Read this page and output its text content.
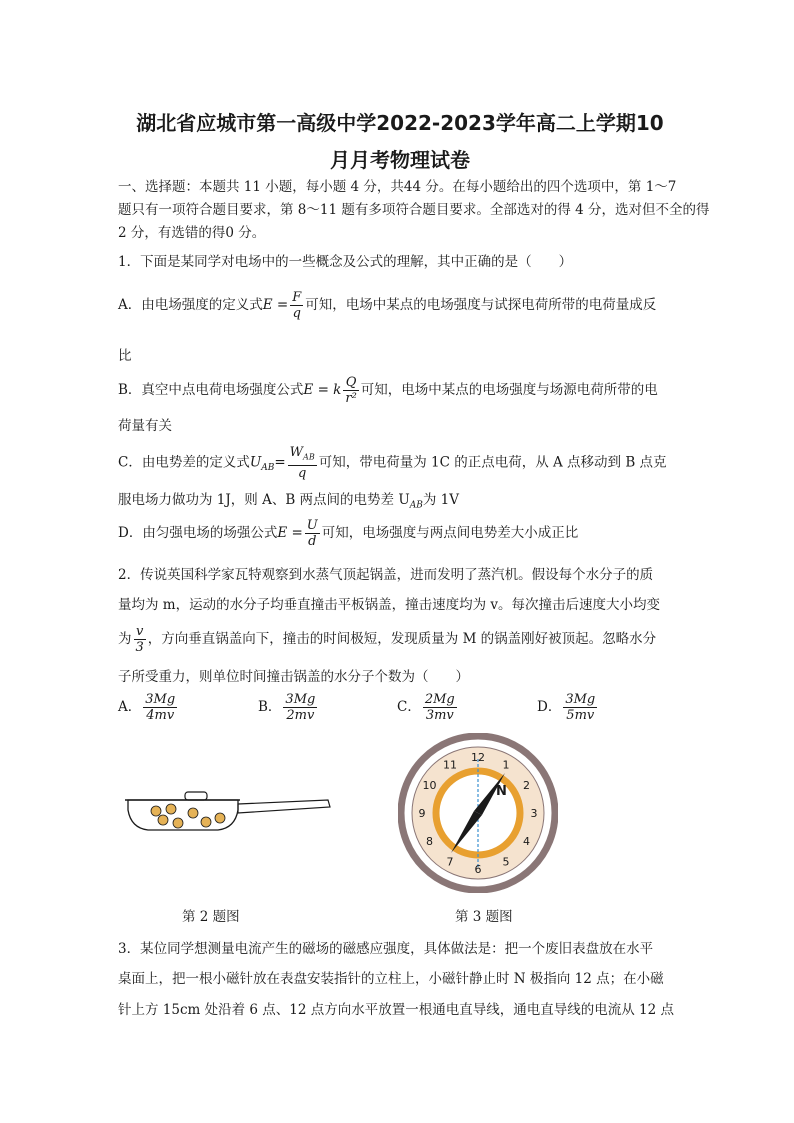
湖北省应城市第一高级中学2022-2023学年高二上学期10
月月考物理试卷
一、选择题：本题共 11 小题，每小题 4 分，共44 分。在每小题给出的四个选项中，第 1～7
题只有一项符合题目要求，第 8～11 题有多项符合题目要求。全部选对的得 4 分，选对但不全的得
2 分，有选错的得0 分。
1．下面是某同学对电场中的一些概念及公式的理解，其中正确的是（　　）
A．由电场强度的定义式$E = \frac{F}{q}$ 可知，电场中某点的电场强度与试探电荷所带的电荷量成反
比
B．真空中点电荷电场强度公式E = k $\frac{Q}{\text{r²}}$ 可知，电场中某点的电场强度与场源电荷所带的电
荷量有关
C．由电势差的定义式$U_{AB}= \frac{W_{AB}}{q}$ 可知，带电荷量为 1C 的正点电荷，从 A 点移动到 B 点克
服电场力做功为 1J，则 A、B 两点间的电势差 $U_{AB}$为 1V
D．由匀强电场的场强公式$E = \frac{U}{d}$ 可知，电场强度与两点间电势差大小成正比
2．传说英国科学家瓦特观察到水蒸气顶起锅盖，进而发明了蒸汽机。假设每个水分子的质
量均为 m，运动的水分子均垂直撞击平板锅盖，撞击速度均为 v。每次撞击后速度大小均变
为 $\frac{v}{3}$ ，方向垂直锅盖向下，撞击的时间极短，发现质量为 M 的锅盖刚好被顶起。忽略水分
子所受重力，则单位时间撞击锅盖的水分子个数为（　　）
A． $\frac{3Mg}{4mv}$	B． $\frac{3Mg}{2mv}$	C． $\frac{2Mg}{3mv}$	D． $\frac{3Mg}{5mv}$
N
12
1
2
3
4
5
6
7
8
9
10
11
第 2 题图	第 3 题图
3．某位同学想测量电流产生的磁场的磁感应强度，具体做法是：把一个废旧表盘放在水平
桌面上，把一根小磁针放在表盘安装指针的立柱上，小磁针静止时 N 极指向 12 点；在小磁
针上方 15cm 处沿着 6 点、12 点方向水平放置一根通电直导线，通电直导线的电流从 12 点
